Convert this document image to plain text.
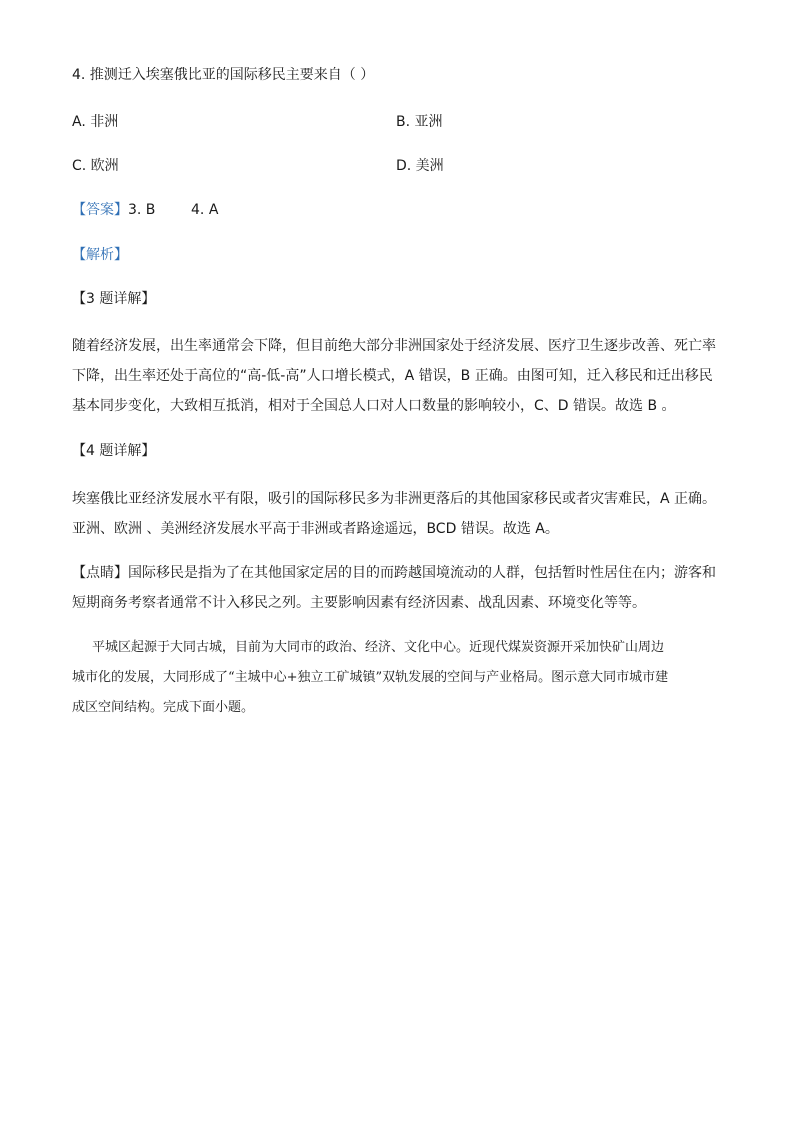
4. 推测迁入埃塞俄比亚的国际移民主要来自（ ）
A. 非洲	B. 亚洲
C. 欧洲	D. 美洲
【答案】3. B        4. A
【解析】
【3 题详解】
随着经济发展，出生率通常会下降，但目前绝大部分非洲国家处于经济发展、医疗卫生逐步改善、死亡率
下降，出生率还处于高位的“高-低-高”人口增长模式，A 错误，B 正确。由图可知，迁入移民和迁出移民
基本同步变化，大致相互抵消，相对于全国总人口对人口数量的影响较小，C、D 错误。故选 B 。
【4 题详解】
埃塞俄比亚经济发展水平有限，吸引的国际移民多为非洲更落后的其他国家移民或者灾害难民，A 正确。
亚洲、欧洲 、美洲经济发展水平高于非洲或者路途遥远，BCD 错误。故选 A。
【点睛】国际移民是指为了在其他国家定居的目的而跨越国境流动的人群，包括暂时性居住在内；游客和
短期商务考察者通常不计入移民之列。主要影响因素有经济因素、战乱因素、环境变化等等。
平城区起源于大同古城，目前为大同市的政治、经济、文化中心。近现代煤炭资源开采加快矿山周边
城市化的发展，大同形成了“主城中心+独立工矿城镇”双轨发展的空间与产业格局。图示意大同市城市建
成区空间结构。完成下面小题。
